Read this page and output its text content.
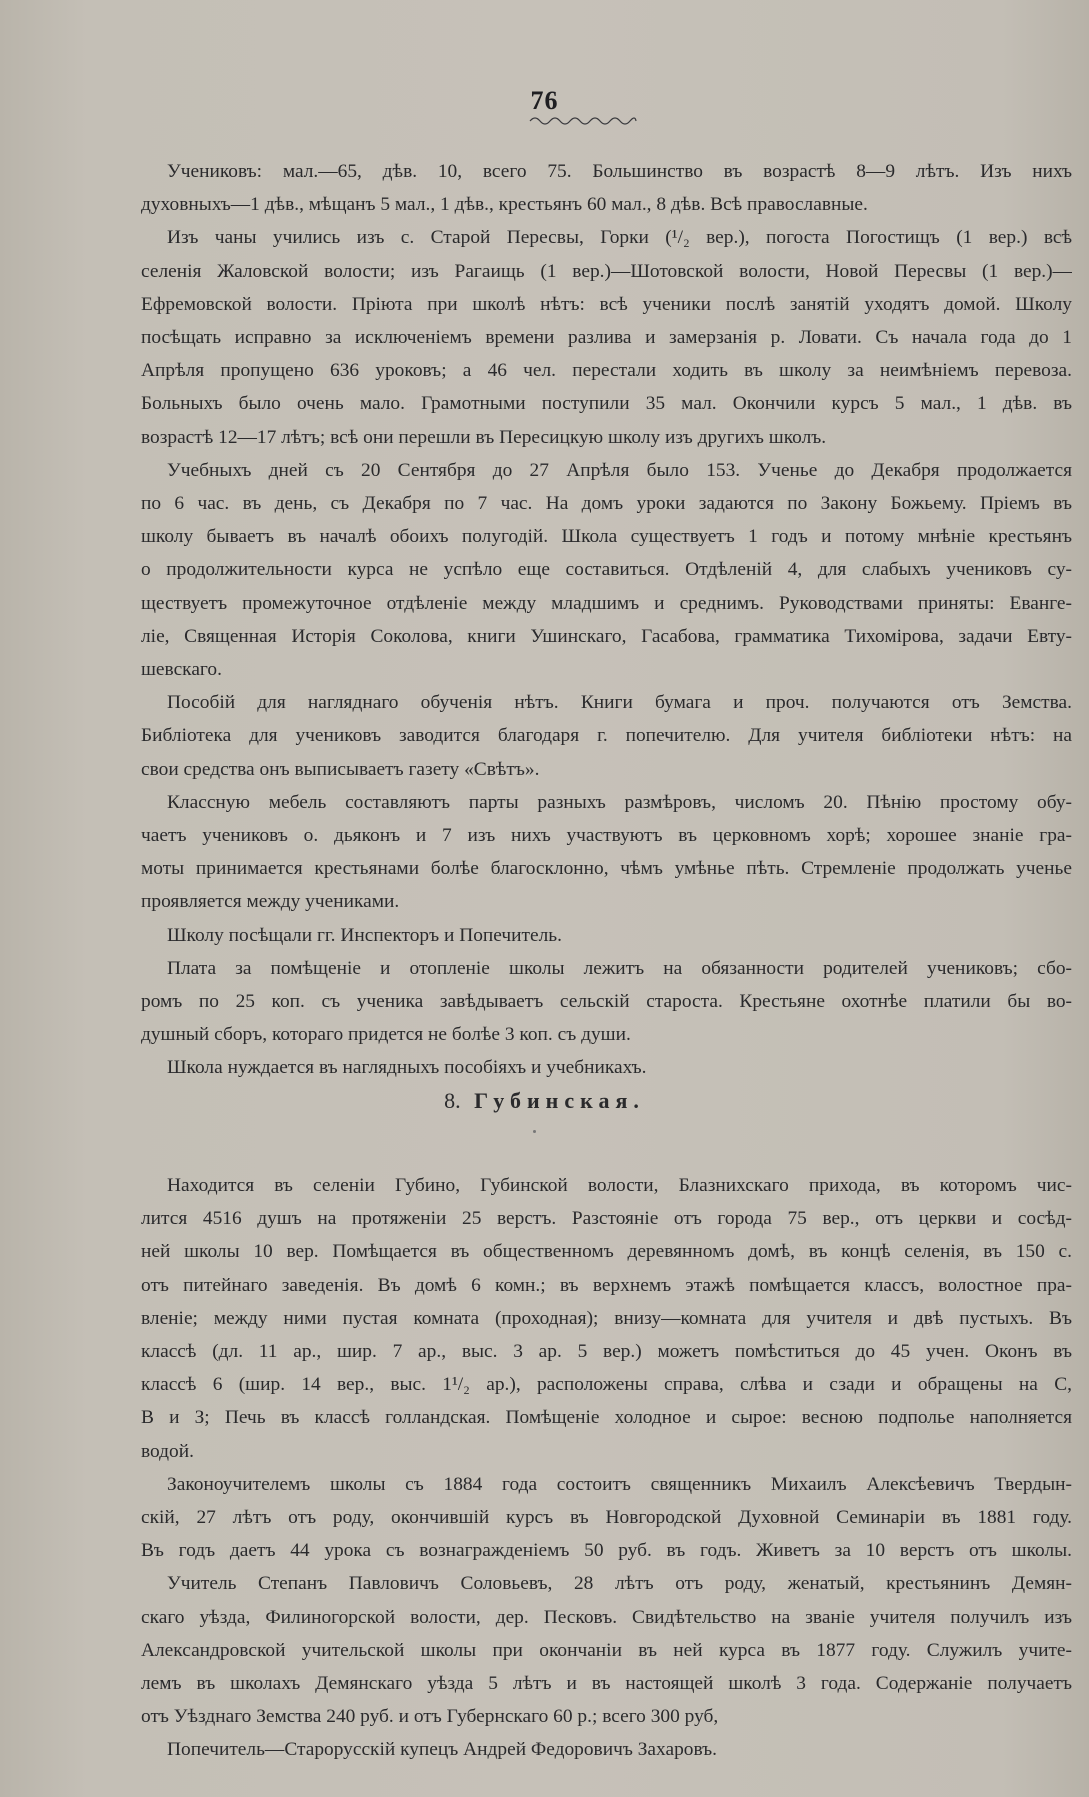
76
Учениковъ: мал.—65, дѣв. 10, всего 75. Большинство въ возрастѣ 8—9 лѣтъ. Изъ нихъ
духовныхъ—1 дѣв., мѣщанъ 5 мал., 1 дѣв., крестьянъ 60 мал., 8 дѣв. Всѣ православные.
Изъ чаны учились изъ с. Старой Пересвы, Горки (¹/₂ вер.), погоста Погостищъ (1 вер.) всѣ
селенія Жаловской волости; изъ Рагаищь (1 вер.)—Шотовской волости, Новой Пересвы (1 вер.)—
Ефремовской волости. Пріюта при школѣ нѣтъ: всѣ ученики послѣ занятій уходятъ домой. Школу
посѣщать исправно за исключеніемъ времени разлива и замерзанія р. Ловати. Съ начала года до 1
Апрѣля пропущено 636 уроковъ; а 46 чел. перестали ходить въ школу за неимѣніемъ перевоза.
Больныхъ было очень мало. Грамотными поступили 35 мал. Окончили курсъ 5 мал., 1 дѣв. въ
возрастѣ 12—17 лѣтъ; всѣ они перешли въ Пересицкую школу изъ другихъ школъ.
Учебныхъ дней съ 20 Сентября до 27 Апрѣля было 153. Ученье до Декабря продолжается
по 6 час. въ день, съ Декабря по 7 час. На домъ уроки задаются по Закону Божьему. Пріемъ въ
школу бываетъ въ началѣ обоихъ полугодій. Школа существуетъ 1 годъ и потому мнѣніе крестьянъ
о продолжительности курса не успѣло еще составиться. Отдѣленій 4, для слабыхъ учениковъ су-
ществуетъ промежуточное отдѣленіе между младшимъ и среднимъ. Руководствами приняты: Еванге-
ліе, Священная Исторія Соколова, книги Ушинскаго, Гасабова, грамматика Тихомірова, задачи Евту-
шевскаго.
Пособій для нагляднаго обученія нѣтъ. Книги бумага и проч. получаются отъ Земства.
Библіотека для учениковъ заводится благодаря г. попечителю. Для учителя библіотеки нѣтъ: на
свои средства онъ выписываетъ газету «Свѣтъ».
Классную мебель составляютъ парты разныхъ размѣровъ, числомъ 20. Пѣнію простому обу-
чаетъ учениковъ о. дьяконъ и 7 изъ нихъ участвуютъ въ церковномъ хорѣ; хорошее знаніе гра-
моты принимается крестьянами болѣе благосклонно, чѣмъ умѣнье пѣть. Стремленіе продолжать ученье
проявляется между учениками.
Школу посѣщали гг. Инспекторъ и Попечитель.
Плата за помѣщеніе и отопленіе школы лежитъ на обязанности родителей учениковъ; сбо-
ромъ по 25 коп. съ ученика завѣдываетъ сельскій староста. Крестьяне охотнѣе платили бы во-
душный сборъ, котораго придется не болѣе 3 коп. съ души.
Школа нуждается въ наглядныхъ пособіяхъ и учебникахъ.
8. Губинская.
Находится въ селеніи Губино, Губинской волости, Блазнихскаго прихода, въ которомъ чис-
лится 4516 душъ на протяженіи 25 верстъ. Разстояніе отъ города 75 вер., отъ церкви и сосѣд-
ней школы 10 вер. Помѣщается въ общественномъ деревянномъ домѣ, въ концѣ селенія, въ 150 с.
отъ питейнаго заведенія. Въ домѣ 6 комн.; въ верхнемъ этажѣ помѣщается классъ, волостное пра-
вленіе; между ними пустая комната (проходная); внизу—комната для учителя и двѣ пустыхъ. Въ
классѣ (дл. 11 ар., шир. 7 ар., выс. 3 ар. 5 вер.) можетъ помѣститься до 45 учен. Оконъ въ
классѣ 6 (шир. 14 вер., выс. 1¹/₂ ар.), расположены справа, слѣва и сзади и обращены на С,
В и З; Печь въ классѣ голландская. Помѣщеніе холодное и сырое: весною подполье наполняется
водой.
Законоучителемъ школы съ 1884 года состоитъ священникъ Михаилъ Алексѣевичъ Твердын-
скій, 27 лѣтъ отъ роду, окончившій курсъ въ Новгородской Духовной Семинаріи въ 1881 году.
Въ годъ даетъ 44 урока съ вознагражденіемъ 50 руб. въ годъ. Живетъ за 10 верстъ отъ школы.
Учитель Степанъ Павловичъ Соловьевъ, 28 лѣтъ отъ роду, женатый, крестьянинъ Демян-
скаго уѣзда, Филиногорской волости, дер. Песковъ. Свидѣтельство на званіе учителя получилъ изъ
Александровской учительской школы при окончаніи въ ней курса въ 1877 году. Служилъ учите-
лемъ въ школахъ Демянскаго уѣзда 5 лѣтъ и въ настоящей школѣ 3 года. Содержаніе получаетъ
отъ Уѣзднаго Земства 240 руб. и отъ Губернскаго 60 р.; всего 300 руб,
Попечитель—Старорусскій купецъ Андрей Федоровичъ Захаровъ.
